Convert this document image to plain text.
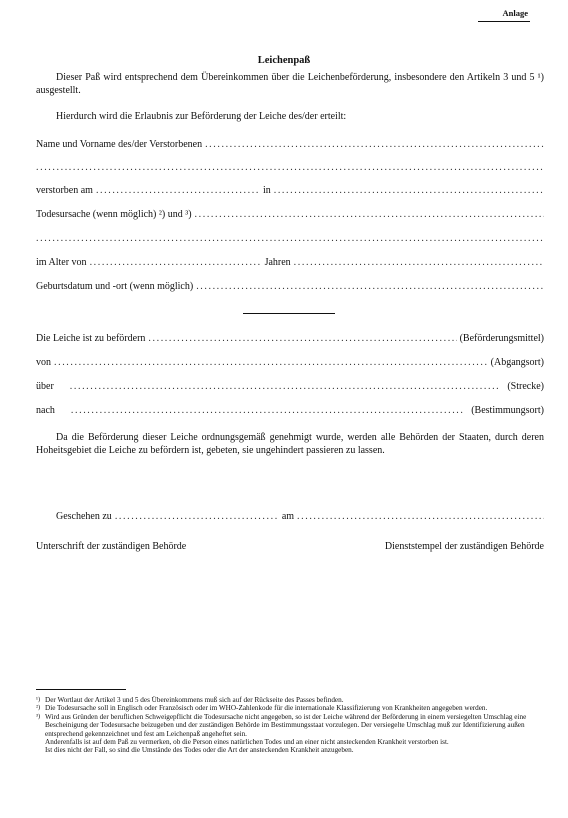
Anlage
Leichenpaß
Dieser Paß wird entsprechend dem Übereinkommen über die Leichenbeförderung, insbesondere den Artikeln 3 und 5 ¹) ausgestellt.
Hierdurch wird die Erlaubnis zur Beförderung der Leiche des/der erteilt:
Name und Vorname des/der Verstorbenen
.....
.....
verstorben am .....	in
.....
Todesursache (wenn möglich) ²) und ³)
.....
.....
im Alter von .....	Jahren
.....
Geburtsdatum und -ort (wenn möglich)
.....
Die Leiche ist zu befördern .....	(Beförderungsmittel)
von .....	(Abgangsort)
über .....	(Strecke)
nach .....	(Bestimmungsort)
Da die Beförderung dieser Leiche ordnungsgemäß genehmigt wurde, werden alle Behörden der Staaten, durch deren Hoheitsgebiet die Leiche zu befördern ist, gebeten, sie ungehindert passieren zu lassen.
Geschehen zu .....	am
.....
Unterschrift der zuständigen Behörde	Dienststempel der zuständigen Behörde

¹) Der Wortlaut der Artikel 3 und 5 des Übereinkommens muß sich auf der Rückseite des Passes befinden.

²) Die Todesursache soll in Englisch oder Französisch oder im WHO-Zahlenkode für die internationale Klassifizierung von Krankheiten angegeben werden.

³) Wird aus Gründen der beruflichen Schweigepflicht die Todesursache nicht angegeben, so ist der Leiche während der Beförderung in einem versiegelten Umschlag eine Bescheinigung der Todesursache beizugeben und der zuständigen Behörde im Bestimmungsstaat vorzulegen. Der versiegelte Umschlag muß zur Identifizierung außen entsprechend gekennzeichnet und fest am Leichenpaß angeheftet sein.

Anderenfalls ist auf dem Paß zu vermerken, ob die Person eines natürlichen Todes und an einer nicht ansteckenden Krankheit verstorben ist.

Ist dies nicht der Fall, so sind die Umstände des Todes oder die Art der ansteckenden Krankheit anzugeben.
